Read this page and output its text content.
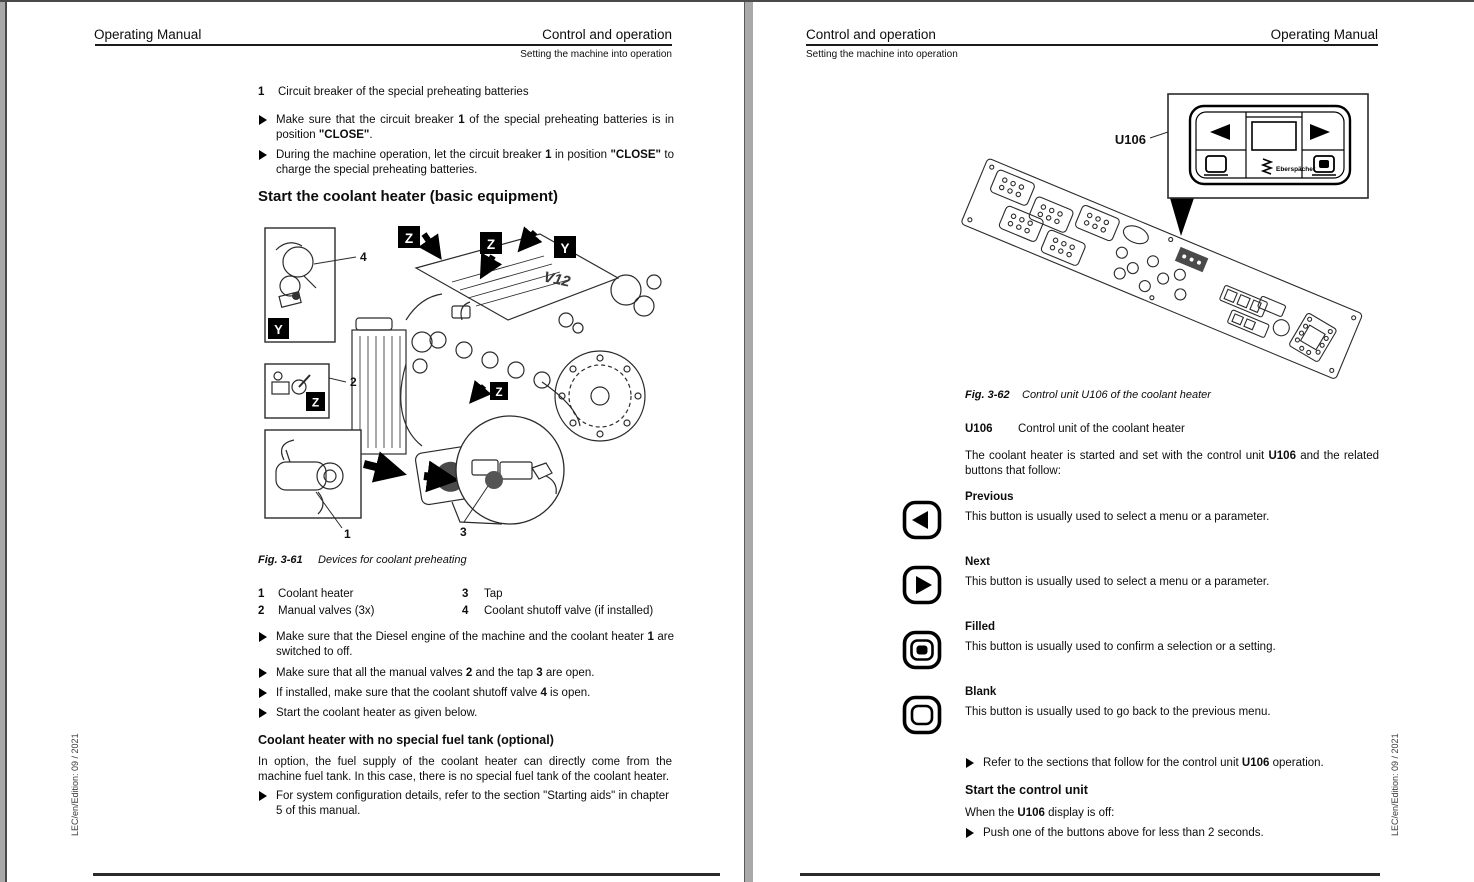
Operating Manual	Control and operation
Setting the machine into operation
1 Circuit breaker of the special preheating batteries
Make sure that the circuit breaker 1 of the special preheating batteries is in position "CLOSE".
During the machine operation, let the circuit breaker 1 in position "CLOSE" to charge the special preheating batteries.
Start the coolant heater (basic equipment)
V12
3
4
Y
Z
2
1
Z	Z	Y
Z
Fig. 3-61 Devices for coolant preheating
1 Coolant heater	3 Tap
2 Manual valves (3x)	4 Coolant shutoff valve (if installed)
Make sure that the Diesel engine of the machine and the coolant heater 1 are switched to off.
Make sure that all the manual valves 2 and the tap 3 are open.
If installed, make sure that the coolant shutoff valve 4 is open.
Start the coolant heater as given below.
Coolant heater with no special fuel tank (optional)
In option, the fuel supply of the coolant heater can directly come from the machine fuel tank. In this case, there is no special fuel tank of the coolant heater.
For system configuration details, refer to the section "Starting aids" in chapter 5 of this manual.
LEC/en/Edition: 09 / 2021
Control and operation	Operating Manual
Setting the machine into operation
Eberspächer
U106
Fig. 3-62 Control unit U106 of the coolant heater
U106 Control unit of the coolant heater
The coolant heater is started and set with the control unit U106 and the related buttons that follow:
Previous
This button is usually used to select a menu or a parameter.
Next
This button is usually used to select a menu or a parameter.
Filled
This button is usually used to confirm a selection or a setting.
Blank
This button is usually used to go back to the previous menu.
Refer to the sections that follow for the control unit U106 operation.
Start the control unit
When the U106 display is off:
Push one of the buttons above for less than 2 seconds.	LEC/en/Edition: 09 / 2021
